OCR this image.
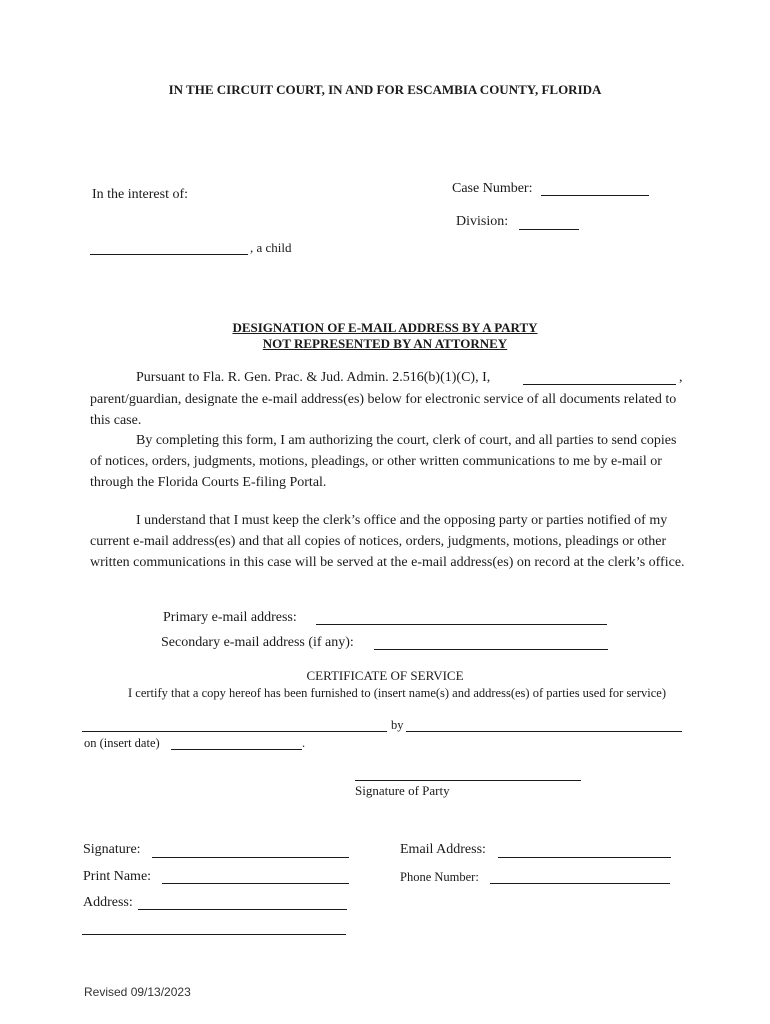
IN THE CIRCUIT COURT, IN AND FOR ESCAMBIA COUNTY, FLORIDA
In the interest of:	Case Number:
Division:
, a child
DESIGNATION OF E-MAIL ADDRESS BY A PARTY
NOT REPRESENTED BY AN ATTORNEY
Pursuant to Fla. R. Gen. Prac. & Jud. Admin. 2.516(b)(1)(C), I,	,
parent/guardian, designate the e-mail address(es) below for electronic service of all documents related to this case.
By completing this form, I am authorizing the court, clerk of court, and all parties to send copies of notices, orders, judgments, motions, pleadings, or other written communications to me by e-mail or through the Florida Courts E-filing Portal.
I understand that I must keep the clerk’s office and the opposing party or parties notified of my current e-mail address(es) and that all copies of notices, orders, judgments, motions, pleadings or other written communications in this case will be served at the e-mail address(es) on record at the clerk’s office.
Primary e-mail address:
Secondary e-mail address (if any):
CERTIFICATE OF SERVICE
I certify that a copy hereof has been furnished to (insert name(s) and address(es) of parties used for service)
by
on (insert date)	.
Signature of Party
Signature:	Email Address:
Print Name:	Phone Number:
Address:
Revised 09/13/2023
